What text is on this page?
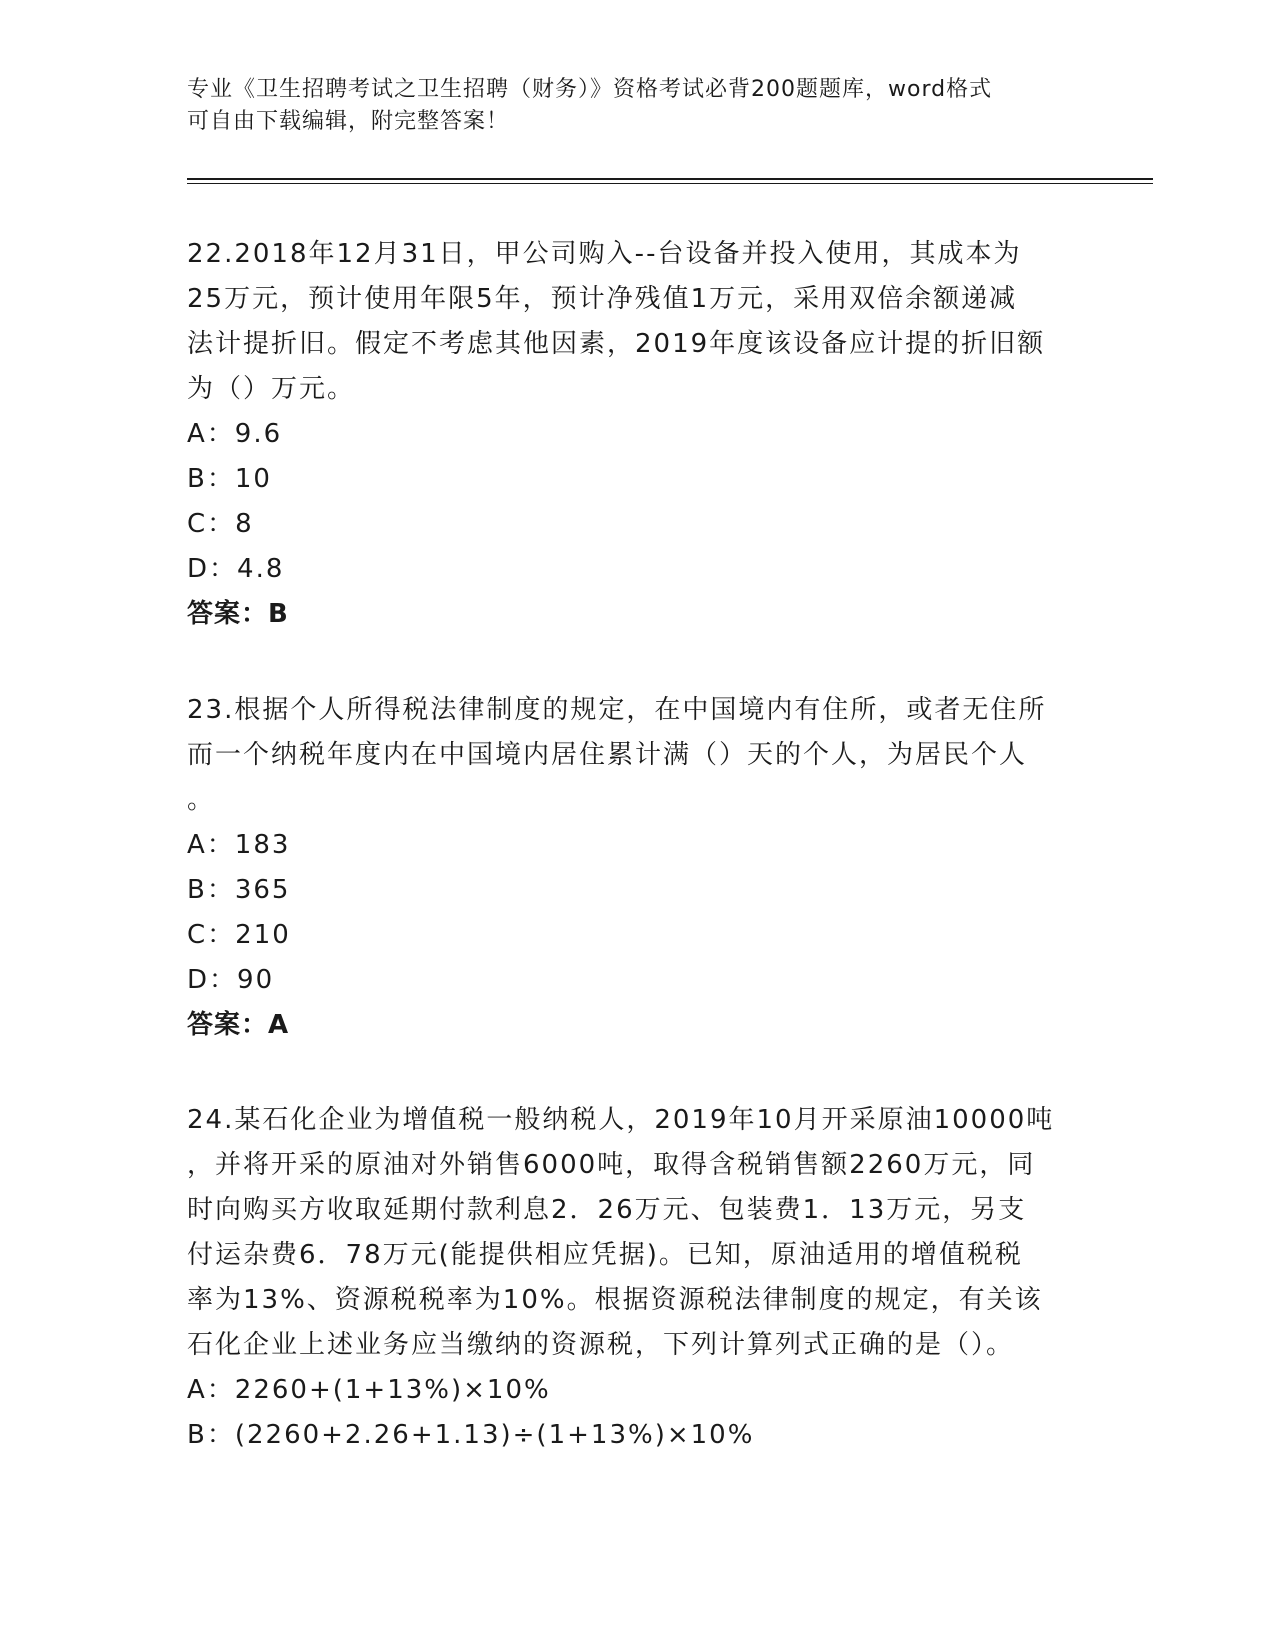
专业《卫生招聘考试之卫生招聘（财务）》资格考试必背200题题库，word格式
可自由下载编辑，附完整答案！

22.2018年12月31日，甲公司购入--台设备并投入使用，其成本为

25万元，预计使用年限5年，预计净残值1万元，采用双倍余额递减

法计提折旧。假定不考虑其他因素，2019年度该设备应计提的折旧额

为（）万元。

A：9.6

B：10

C：8

D：4.8

答案：B

23.根据个人所得税法律制度的规定，在中国境内有住所，或者无住所

而一个纳税年度内在中国境内居住累计满（）天的个人，为居民个人

。

A：183

B：365

C：210

D：90

答案：A

24.某石化企业为增值税一般纳税人，2019年10月开采原油10000吨

，并将开采的原油对外销售6000吨，取得含税销售额2260万元，同

时向购买方收取延期付款利息2．26万元、包装费1．13万元，另支

付运杂费6．78万元(能提供相应凭据)。已知，原油适用的增值税税

率为13%、资源税税率为10%。根据资源税法律制度的规定，有关该

石化企业上述业务应当缴纳的资源税，下列计算列式正确的是（）。

A：2260+(1+13%)×10%

B：(2260+2.26+1.13)÷(1+13%)×10%
